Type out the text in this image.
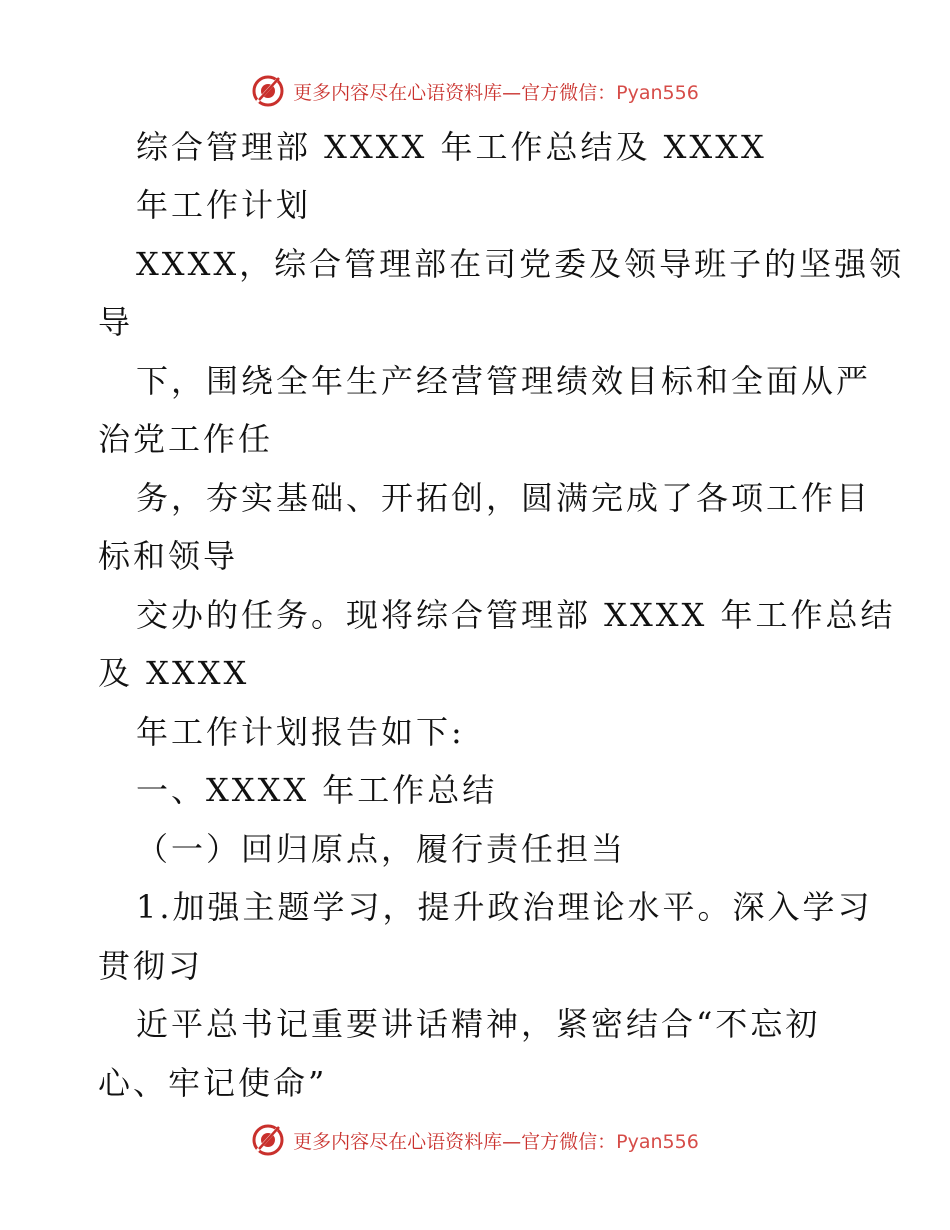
更多内容尽在心语资料库—官方微信：Pyan556
综合管理部 XXXX 年工作总结及 XXXX
年工作计划
XXXX，综合管理部在司党委及领导班子的坚强领
导
下，围绕全年生产经营管理绩效目标和全面从严
治党工作任
务，夯实基础、开拓创，圆满完成了各项工作目
标和领导
交办的任务。现将综合管理部 XXXX 年工作总结
及 XXXX
年工作计划报告如下:
一、XXXX 年工作总结
（一）回归原点，履行责任担当
1.加强主题学习，提升政治理论水平。深入学习
贯彻习
近平总书记重要讲话精神，紧密结合“不忘初
心、牢记使命”
更多内容尽在心语资料库—官方微信：Pyan556
